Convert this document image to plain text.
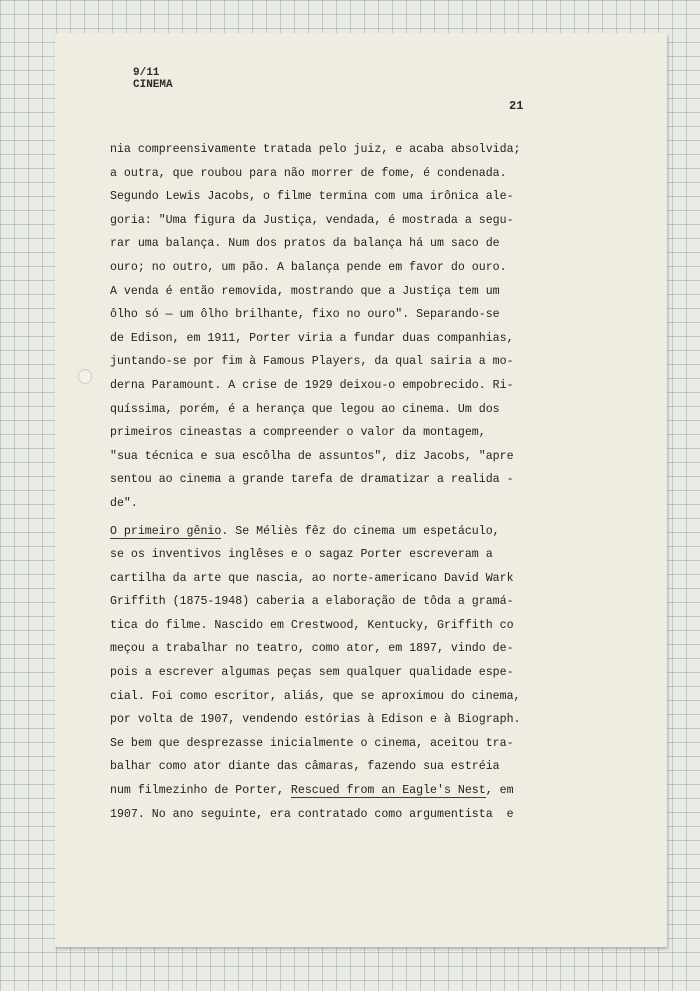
9/11
CINEMA
21
nia compreensivamente tratada pelo juiz, e acaba absolvida;
a outra, que roubou para não morrer de fome, é condenada.
Segundo Lewis Jacobs, o filme termina com uma irônica ale-
goria: "Uma figura da Justiça, vendada, é mostrada a segu-
rar uma balança. Num dos pratos da balança há um saco de
ouro; no outro, um pão. A balança pende em favor do ouro.
A venda é então removida, mostrando que a Justiça tem um
ôlho só — um ôlho brilhante, fixo no ouro". Separando-se
de Edison, em 1911, Porter viria a fundar duas companhias,
juntando-se por fim à Famous Players, da qual sairia a mo-
derna Paramount. A crise de 1929 deixou-o empobrecido. Ri-
quíssima, porém, é a herança que legou ao cinema. Um dos
primeiros cineastas a compreender o valor da montagem,
"sua técnica e sua escôlha de assuntos", diz Jacobs, "apre
sentou ao cinema a grande tarefa de dramatizar a realida -
de".
O primeiro gênio. Se Méliès fêz do cinema um espetáculo,
se os inventivos inglêses e o sagaz Porter escreveram a
cartilha da arte que nascia, ao norte-americano David Wark
Griffith (1875-1948) caberia a elaboração de tôda a gramá-
tica do filme. Nascido em Crestwood, Kentucky, Griffith co
meçou a trabalhar no teatro, como ator, em 1897, vindo de-
pois a escrever algumas peças sem qualquer qualidade espe-
cial. Foi como escritor, aliás, que se aproximou do cinema,
por volta de 1907, vendendo estórias à Edison e à Biograph.
Se bem que desprezasse inicialmente o cinema, aceitou tra-
balhar como ator diante das câmaras, fazendo sua estréia
num filmezinho de Porter, Rescued from an Eagle's Nest, em
1907. No ano seguinte, era contratado como argumentista  e
